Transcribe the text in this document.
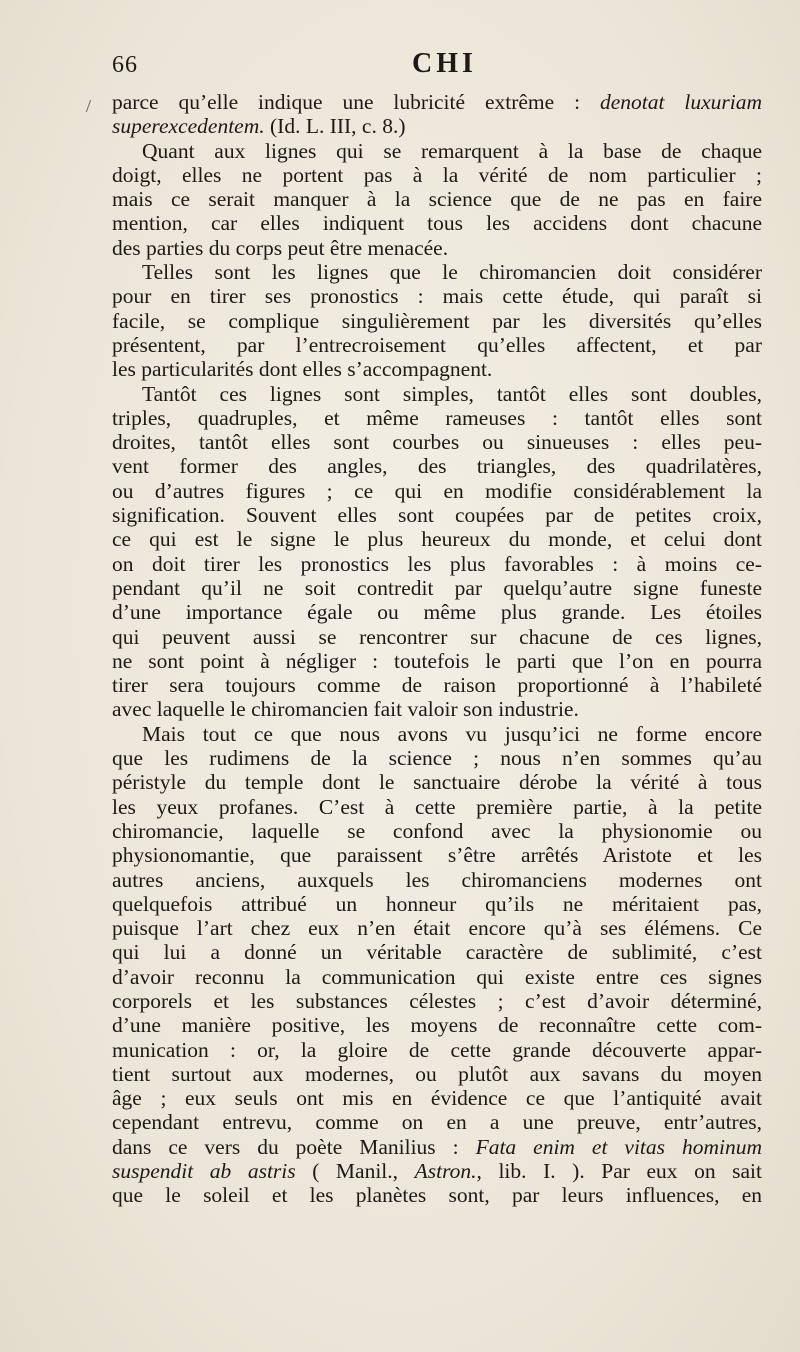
66	CHI
parce qu’elle indique une lubricité extrême : denotat luxuriam
superexcedentem. (Id. L. III, c. 8.)
Quant aux lignes qui se remarquent à la base de chaque
doigt, elles ne portent pas à la vérité de nom particulier ;
mais ce serait manquer à la science que de ne pas en faire
mention, car elles indiquent tous les accidens dont chacune
des parties du corps peut être menacée.
Telles sont les lignes que le chiromancien doit considérer
pour en tirer ses pronostics : mais cette étude, qui paraît si
facile, se complique singulièrement par les diversités qu’elles
présentent, par l’entrecroisement qu’elles affectent, et par
les particularités dont elles s’accompagnent.
Tantôt ces lignes sont simples, tantôt elles sont doubles,
triples, quadruples, et même rameuses : tantôt elles sont
droites, tantôt elles sont courbes ou sinueuses : elles peu-
vent former des angles, des triangles, des quadrilatères,
ou d’autres figures ; ce qui en modifie considérablement la
signification. Souvent elles sont coupées par de petites croix,
ce qui est le signe le plus heureux du monde, et celui dont
on doit tirer les pronostics les plus favorables : à moins ce-
pendant qu’il ne soit contredit par quelqu’autre signe funeste
d’une importance égale ou même plus grande. Les étoiles
qui peuvent aussi se rencontrer sur chacune de ces lignes,
ne sont point à négliger : toutefois le parti que l’on en pourra
tirer sera toujours comme de raison proportionné à l’habileté
avec laquelle le chiromancien fait valoir son industrie.
Mais tout ce que nous avons vu jusqu’ici ne forme encore
que les rudimens de la science ; nous n’en sommes qu’au
péristyle du temple dont le sanctuaire dérobe la vérité à tous
les yeux profanes. C’est à cette première partie, à la petite
chiromancie, laquelle se confond avec la physionomie ou
physionomantie, que paraissent s’être arrêtés Aristote et les
autres anciens, auxquels les chiromanciens modernes ont
quelquefois attribué un honneur qu’ils ne méritaient pas,
puisque l’art chez eux n’en était encore qu’à ses élémens. Ce
qui lui a donné un véritable caractère de sublimité, c’est
d’avoir reconnu la communication qui existe entre ces signes
corporels et les substances célestes ; c’est d’avoir déterminé,
d’une manière positive, les moyens de reconnaître cette com-
munication : or, la gloire de cette grande découverte appar-
tient surtout aux modernes, ou plutôt aux savans du moyen
âge ; eux seuls ont mis en évidence ce que l’antiquité avait
cependant entrevu, comme on en a une preuve, entr’autres,
dans ce vers du poète Manilius : Fata enim et vitas hominum
suspendit ab astris ( Manil., Astron., lib. I. ). Par eux on sait
que le soleil et les planètes sont, par leurs influences, en
